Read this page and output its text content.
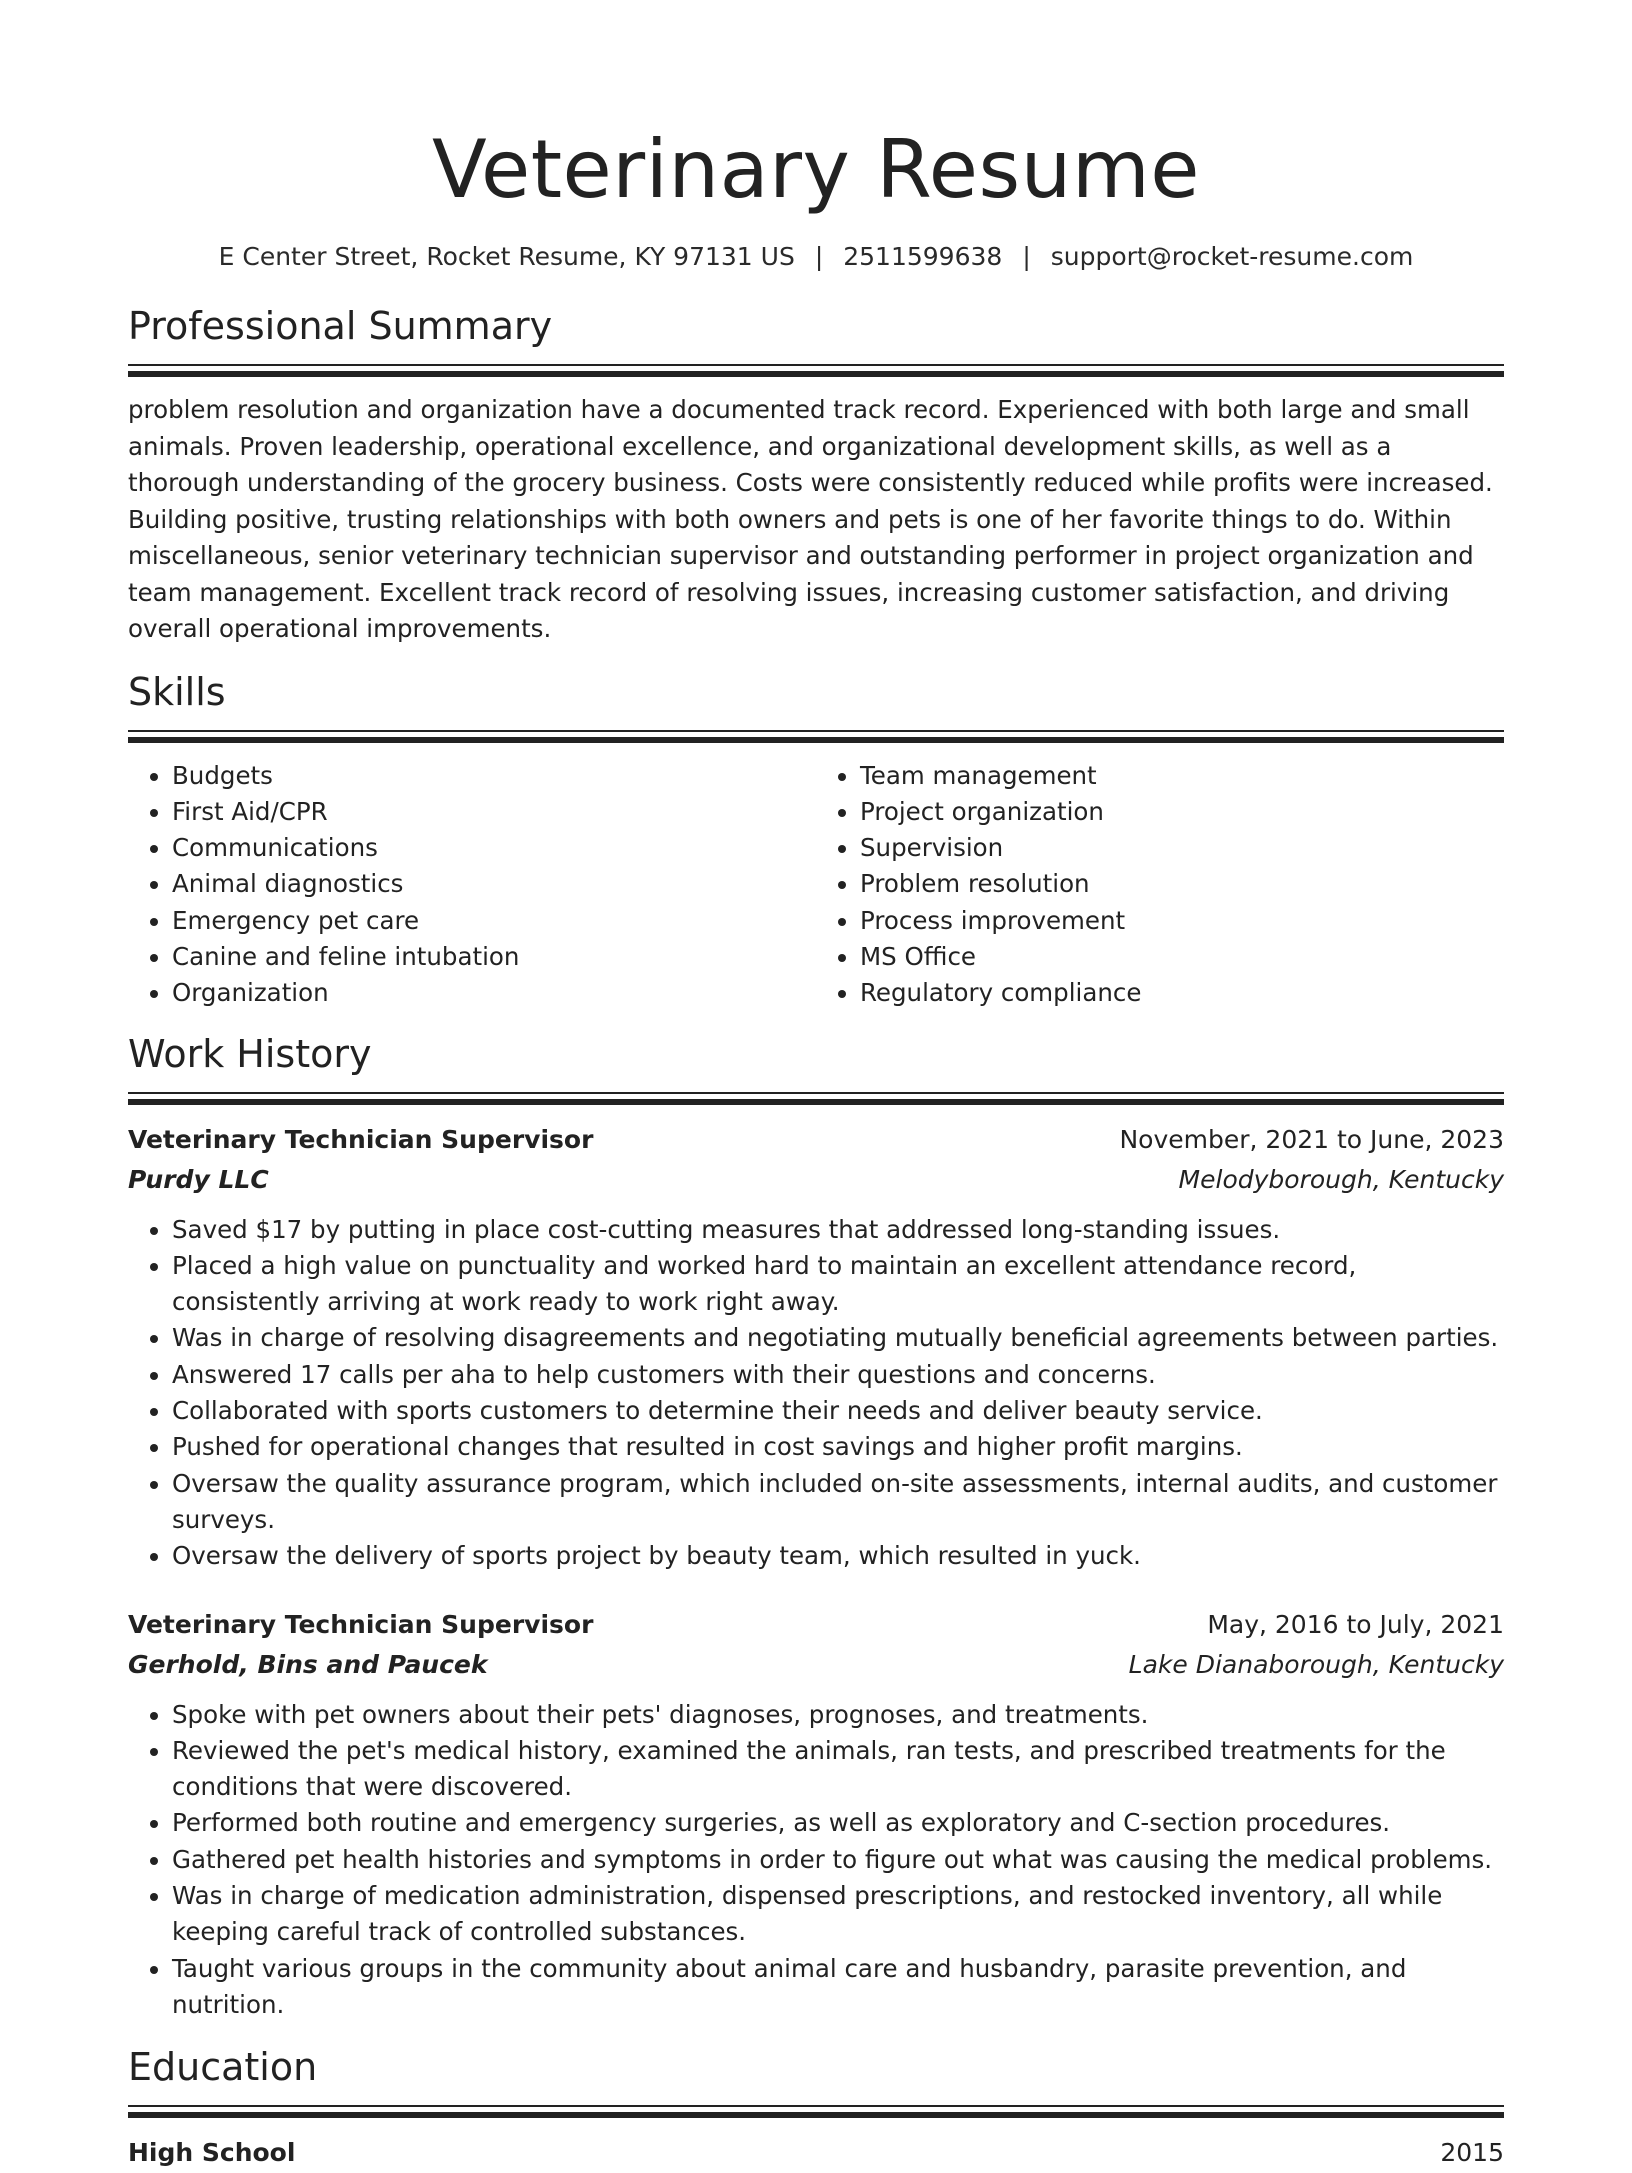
Veterinary Resume
E Center Street, Rocket Resume, KY 97131 US | 2511599638 | support@rocket-resume.com
Professional Summary

problem resolution and organization have a documented track record. Experienced with both large and small animals. Proven leadership, operational excellence, and organizational development skills, as well as a thorough understanding of the grocery business. Costs were consistently reduced while profits were increased. Building positive, trusting relationships with both owners and pets is one of her favorite things to do. Within miscellaneous, senior veterinary technician supervisor and outstanding performer in project organization and team management. Excellent track record of resolving issues, increasing customer satisfaction, and driving overall operational improvements.

Skills
• Budgets
• First Aid/CPR
• Communications
• Animal diagnostics
• Emergency pet care
• Canine and feline intubation
• Organization
• Team management
• Project organization
• Supervision
• Problem resolution
• Process improvement
• MS Office
• Regulatory compliance
Work History
Veterinary Technician Supervisor	November, 2021 to June, 2023
Purdy LLC	Melodyborough, Kentucky
• Saved $17 by putting in place cost-cutting measures that addressed long-standing issues.
• Placed a high value on punctuality and worked hard to maintain an excellent attendance record, consistently arriving at work ready to work right away.
• Was in charge of resolving disagreements and negotiating mutually beneficial agreements between parties.
• Answered 17 calls per aha to help customers with their questions and concerns.
• Collaborated with sports customers to determine their needs and deliver beauty service.
• Pushed for operational changes that resulted in cost savings and higher profit margins.
• Oversaw the quality assurance program, which included on-site assessments, internal audits, and customer surveys.
• Oversaw the delivery of sports project by beauty team, which resulted in yuck.
Veterinary Technician Supervisor	May, 2016 to July, 2021
Gerhold, Bins and Paucek	Lake Dianaborough, Kentucky
• Spoke with pet owners about their pets' diagnoses, prognoses, and treatments.
• Reviewed the pet's medical history, examined the animals, ran tests, and prescribed treatments for the conditions that were discovered.
• Performed both routine and emergency surgeries, as well as exploratory and C-section procedures.
• Gathered pet health histories and symptoms in order to figure out what was causing the medical problems.
• Was in charge of medication administration, dispensed prescriptions, and restocked inventory, all while keeping careful track of controlled substances.
• Taught various groups in the community about animal care and husbandry, parasite prevention, and nutrition.
Education
High School	2015
